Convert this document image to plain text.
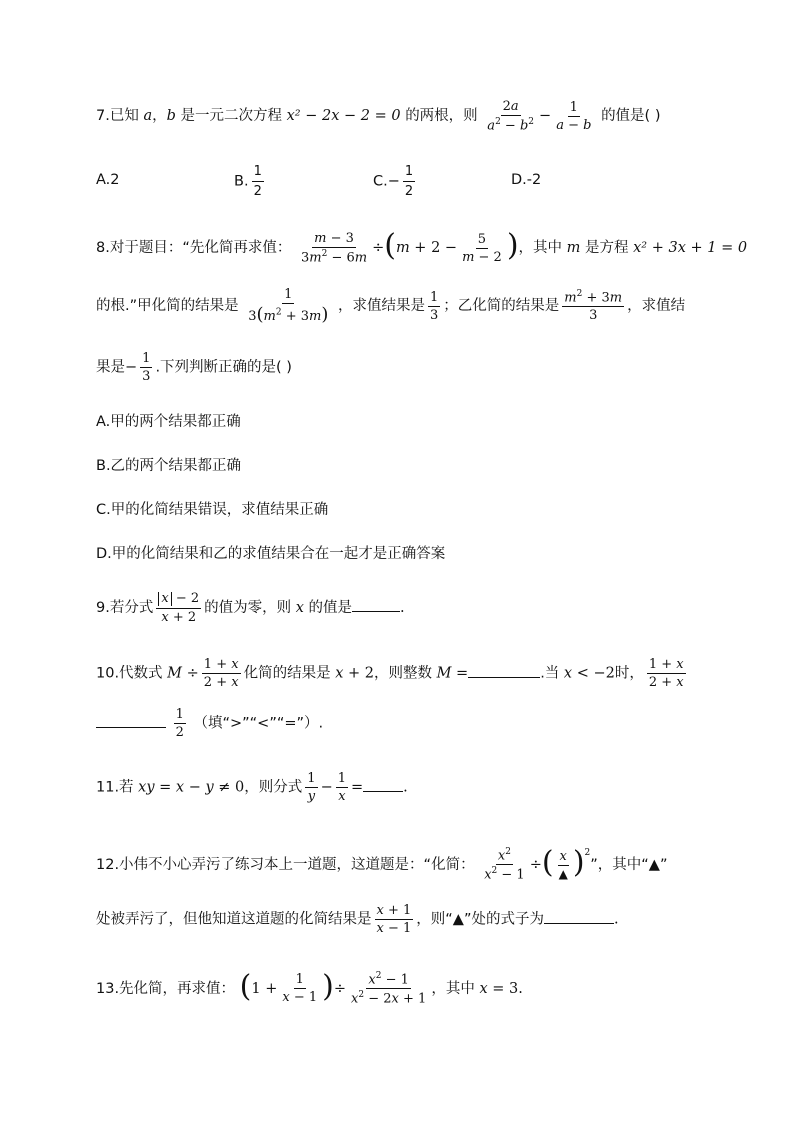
7.已知 a，b 是一元二次方程 x² − 2x − 2 = 0 的两根，则 $\frac{2a}{a^2 - b^2} - \frac{1}{a - b}$ 的值是( )
A.2	B. $\frac{1}{2}$	$C.- \frac{1}{2}$	D.-2
8.对于题目：“先化简再求值： $\frac{m - 3}{3m^2 - 6m} \div(m + 2 - \frac{5}{m - 2}$ )，其中 m 是方程 x² + 3x + 1 = 0
的根.”甲化简的结果是 $\frac{1}{3(m^2 + 3m)}$ ，求值结果是 $\frac{1}{3}$ ；乙化简的结果是 $\frac{m^2 + 3m}{3}$ ，求值结
果是− $\frac{1}{3}$ .下列判断正确的是( )
A.甲的两个结果都正确
B.乙的两个结果都正确
C.甲的化简结果错误，求值结果正确
D.甲的化简结果和乙的求值结果合在一起才是正确答案
9.若分式 $\frac{x - 2}{x + 2}$ 的值为零，则 x 的值是	.
10.代数式 $M \div \frac{1 + x}{2 + x}$ 化简的结果是 x + 2，则整数 M =	.当 x < −2时， $\frac{1 + x}{2 + x}$

$\frac{1}{2}$ （填“>”“<”“=”）.
11.若 xy = x − y ≠ 0，则分式 $\frac{1}{y} - \frac{1}{x}$ =	.
12.小伟不小心弄污了练习本上一道题，这道题是：“化简： $\frac{x^2}{x^2 - 1}$ ÷( $\frac{x}{▲} )^2$”，其中“▲”
处被弄污了，但他知道这道题的化简结果是 $\frac{x + 1}{x - 1}$ ，则“▲”处的式子为	.
13.先化简，再求值： ($1 + \frac{1}{x - 1}$ )÷ $\frac{x^2 - 1}{x^2 - 2x + 1}$ ，其中 x = 3.
